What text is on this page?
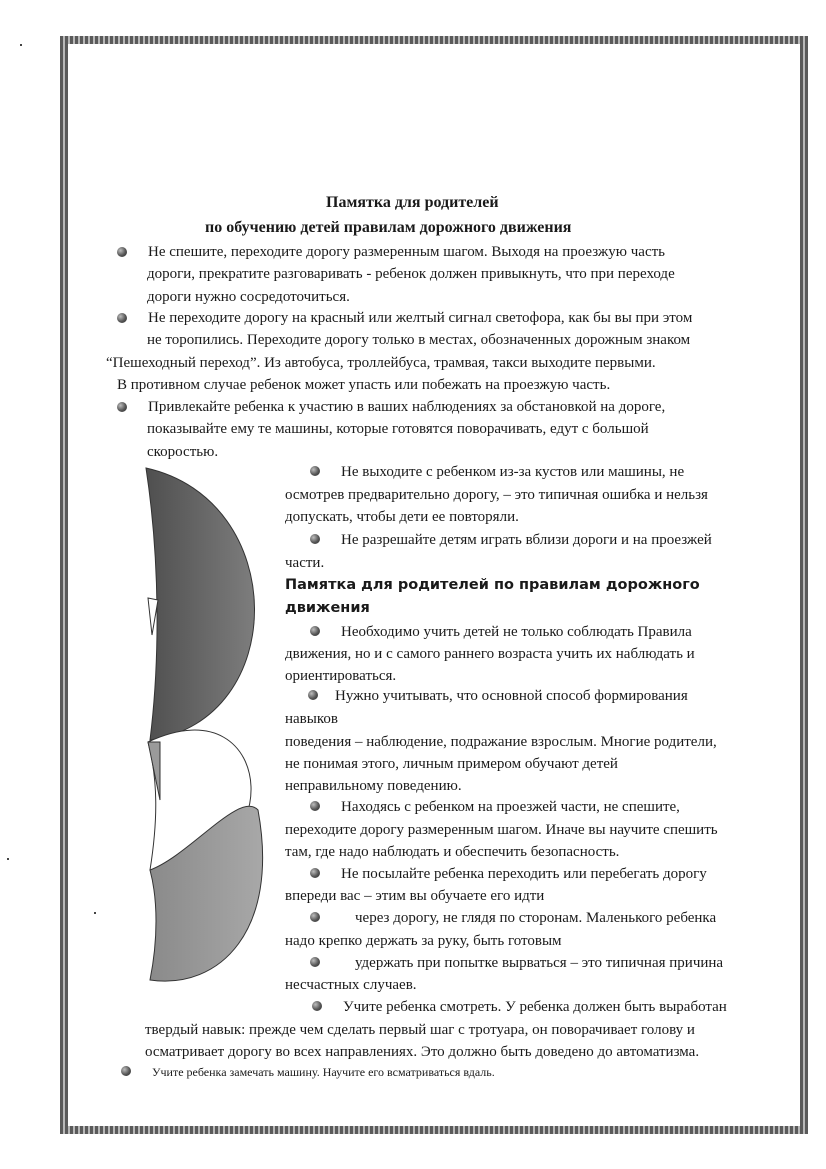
Памятка для родителей
по обучению детей правилам дорожного движения
Не спешите, переходите дорогу размеренным шагом. Выходя на проезжую часть
дороги, прекратите разговаривать - ребенок должен привыкнуть, что при переходе
дороги нужно сосредоточиться.
Не переходите дорогу на красный или желтый сигнал светофора, как бы вы при этом
не торопились. Переходите дорогу только в местах, обозначенных дорожным знаком
“Пешеходный переход”. Из автобуса, троллейбуса, трамвая, такси выходите первыми.
В противном случае ребенок может упасть или побежать на проезжую часть.
Привлекайте ребенка к участию в ваших наблюдениях за обстановкой на дороге,
показывайте ему те машины, которые готовятся поворачивать, едут с большой
скоростью.
Не выходите с ребенком из-за кустов или машины, не
осмотрев предварительно дорогу, – это типичная ошибка и нельзя
допускать, чтобы дети ее повторяли.
Не разрешайте детям играть вблизи дороги и на проезжей
части.
Памятка для родителей по правилам дорожного
движения
Необходимо учить детей не только соблюдать Правила
движения, но и с самого раннего возраста учить их наблюдать и
ориентироваться.
Нужно учитывать, что основной способ формирования
навыков
поведения – наблюдение, подражание взрослым. Многие родители,
не понимая этого, личным примером обучают детей
неправильному поведению.
Находясь с ребенком на проезжей части, не спешите,
переходите дорогу размеренным шагом. Иначе вы научите спешить
там, где надо наблюдать и обеспечить безопасность.
Не посылайте ребенка переходить или перебегать дорогу
впереди вас – этим вы обучаете его идти
через дорогу, не глядя по сторонам. Маленького ребенка
надо крепко держать за руку, быть готовым
удержать при попытке вырваться – это типичная причина
несчастных случаев.
Учите ребенка смотреть. У ребенка должен быть выработан
твердый навык: прежде чем сделать первый шаг с тротуара, он поворачивает голову и
осматривает дорогу во всех направлениях. Это должно быть доведено до автоматизма.
Учите ребенка замечать машину. Научите его всматриваться вдаль.
